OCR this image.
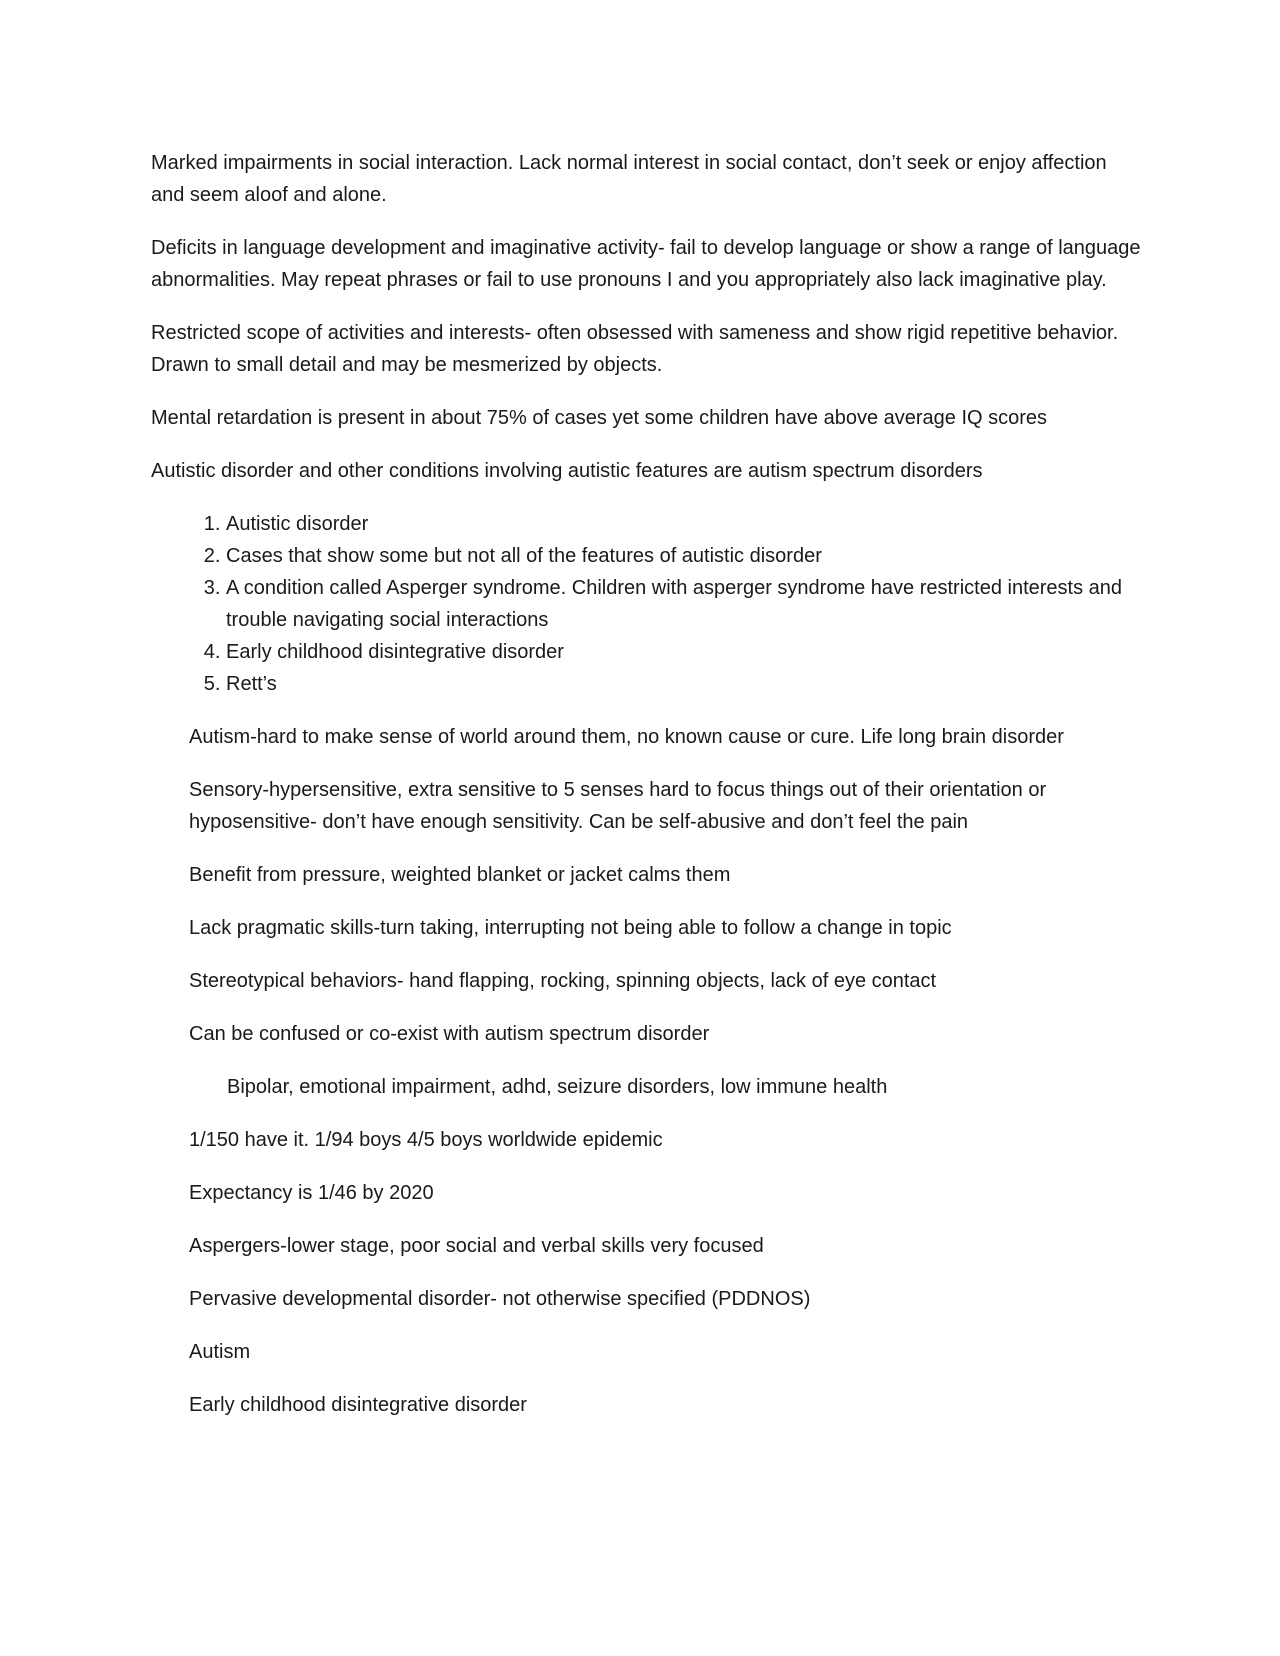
Marked impairments in social interaction. Lack normal interest in social contact, don’t seek or enjoy affection and seem aloof and alone.

Deficits in language development and imaginative activity- fail to develop language or show a range of language abnormalities. May repeat phrases or fail to use pronouns I and you appropriately also lack imaginative play.

Restricted scope of activities and interests- often obsessed with sameness and show rigid repetitive behavior. Drawn to small detail and may be mesmerized by objects.

Mental retardation is present in about 75% of cases yet some children have above average IQ scores

Autistic disorder and other conditions involving autistic features are autism spectrum disorders

1. Autistic disorder
2. Cases that show some but not all of the features of autistic disorder
3. A condition called Asperger syndrome. Children with asperger syndrome have restricted interests and trouble navigating social interactions
4. Early childhood disintegrative disorder
5. Rett’s

Autism-hard to make sense of world around them, no known cause or cure. Life long brain disorder

Sensory-hypersensitive, extra sensitive to 5 senses hard to focus things out of their orientation or hyposensitive- don’t have enough sensitivity. Can be self-abusive and don’t feel the pain

Benefit from pressure, weighted blanket or jacket calms them

Lack pragmatic skills-turn taking, interrupting not being able to follow a change in topic

Stereotypical behaviors- hand flapping, rocking, spinning objects, lack of eye contact

Can be confused or co-exist with autism spectrum disorder

Bipolar, emotional impairment, adhd, seizure disorders, low immune health

1/150 have it. 1/94 boys 4/5 boys worldwide epidemic

Expectancy is 1/46 by 2020

Aspergers-lower stage, poor social and verbal skills very focused

Pervasive developmental disorder- not otherwise specified (PDDNOS)

Autism

Early childhood disintegrative disorder
